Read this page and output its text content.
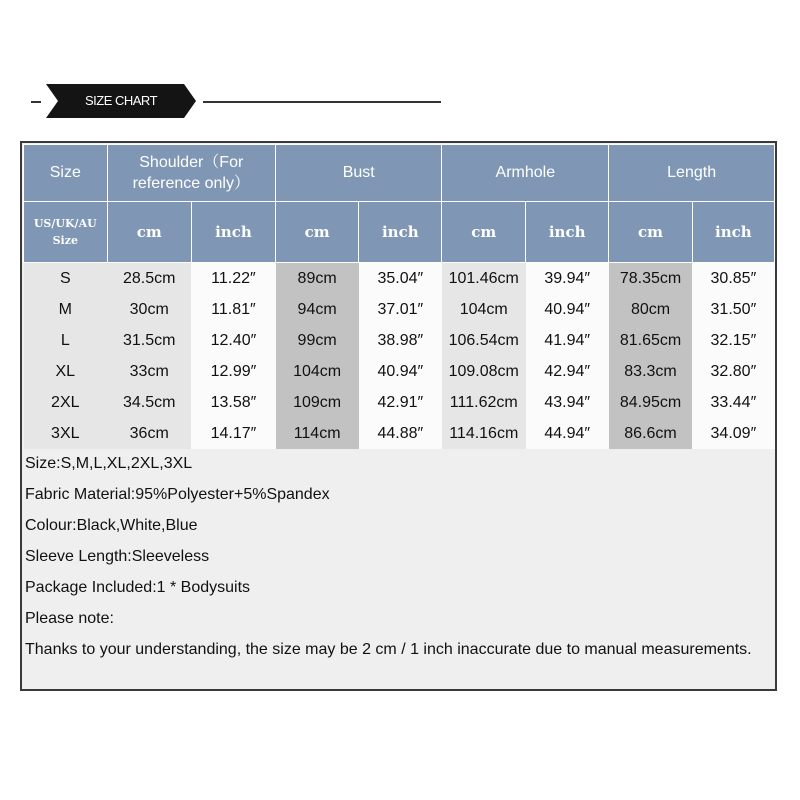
SIZE CHART
Size	Shoulder（For reference only）		Bust		Armhole		Length	
US/UK/AU Size	cm	inch	cm	inch	cm	inch	cm	inch
S	28.5cm	11.22″	89cm	35.04″	101.46cm	39.94″	78.35cm	30.85″
M	30cm	11.81″	94cm	37.01″	104cm	40.94″	80cm	31.50″
L	31.5cm	12.40″	99cm	38.98″	106.54cm	41.94″	81.65cm	32.15″
XL	33cm	12.99″	104cm	40.94″	109.08cm	42.94″	83.3cm	32.80″
2XL	34.5cm	13.58″	109cm	42.91″	111.62cm	43.94″	84.95cm	33.44″
3XL	36cm	14.17″	114cm	44.88″	114.16cm	44.94″	86.6cm	34.09″
Size:S,M,L,XL,2XL,3XL
Fabric Material:95%Polyester+5%Spandex
Colour:Black,White,Blue
Sleeve Length:Sleeveless
Package Included:1 * Bodysuits
Please note:
Thanks to your understanding, the size may be 2 cm / 1 inch inaccurate due to manual measurements.
